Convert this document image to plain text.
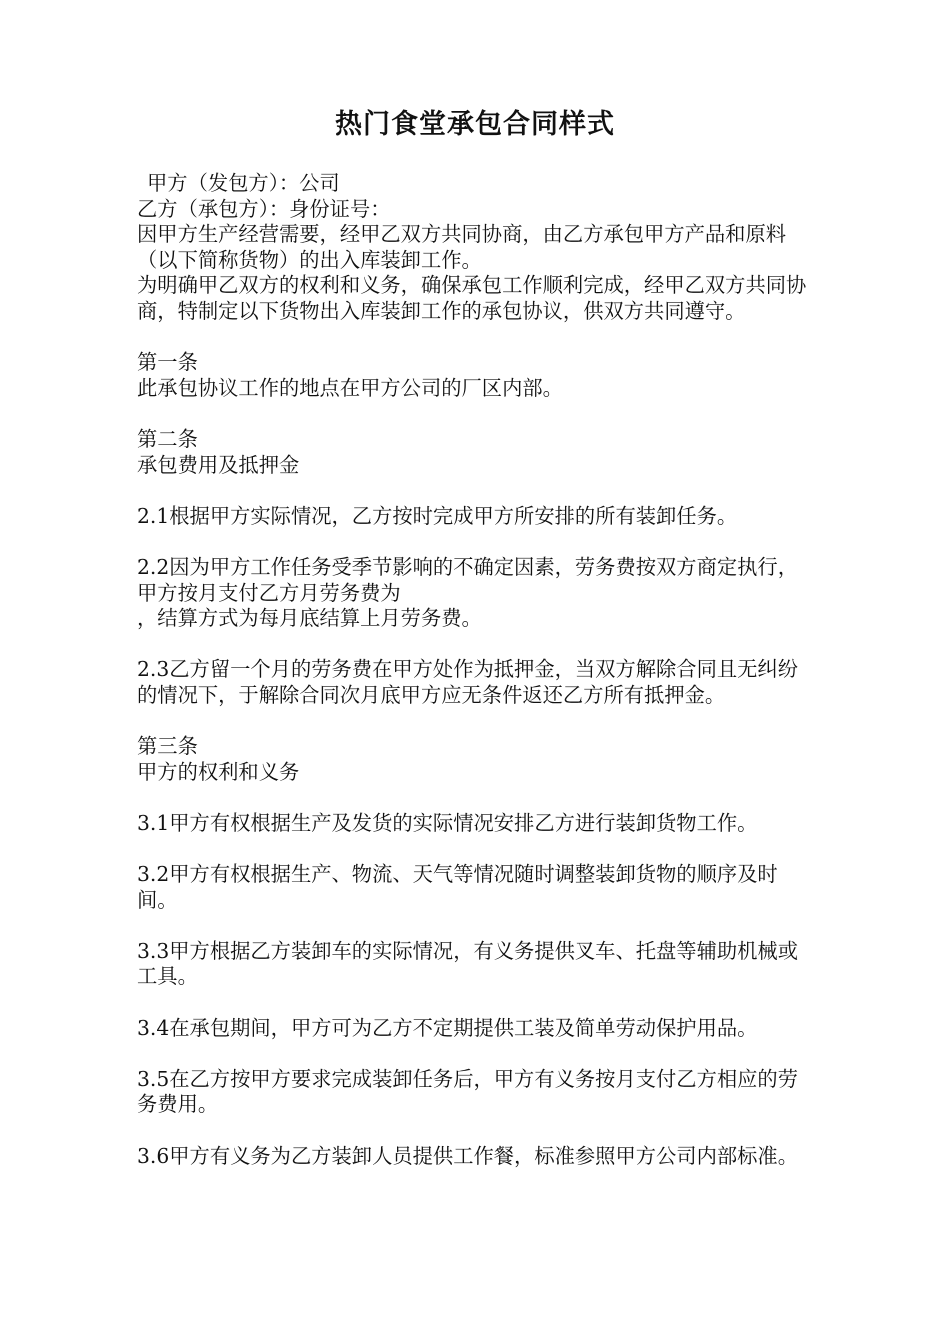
热门食堂承包合同样式

甲方（发包方）：公司

乙方（承包方）：身份证号：

因甲方生产经营需要，经甲乙双方共同协商，由乙方承包甲方产品和原料（以下简称货物）的出入库装卸工作。

为明确甲乙双方的权利和义务，确保承包工作顺利完成，经甲乙双方共同协商，特制定以下货物出入库装卸工作的承包协议，供双方共同遵守。

第一条

此承包协议工作的地点在甲方公司的厂区内部。

第二条

承包费用及抵押金

2.1根据甲方实际情况，乙方按时完成甲方所安排的所有装卸任务。

2.2因为甲方工作任务受季节影响的不确定因素，劳务费按双方商定执行，甲方按月支付乙方月劳务费为

，结算方式为每月底结算上月劳务费。

2.3乙方留一个月的劳务费在甲方处作为抵押金，当双方解除合同且无纠纷的情况下，于解除合同次月底甲方应无条件返还乙方所有抵押金。

第三条

甲方的权利和义务

3.1甲方有权根据生产及发货的实际情况安排乙方进行装卸货物工作。

3.2甲方有权根据生产、物流、天气等情况随时调整装卸货物的顺序及时间。

3.3甲方根据乙方装卸车的实际情况，有义务提供叉车、托盘等辅助机械或工具。

3.4在承包期间，甲方可为乙方不定期提供工装及简单劳动保护用品。

3.5在乙方按甲方要求完成装卸任务后，甲方有义务按月支付乙方相应的劳务费用。

3.6甲方有义务为乙方装卸人员提供工作餐，标准参照甲方公司内部标准。
